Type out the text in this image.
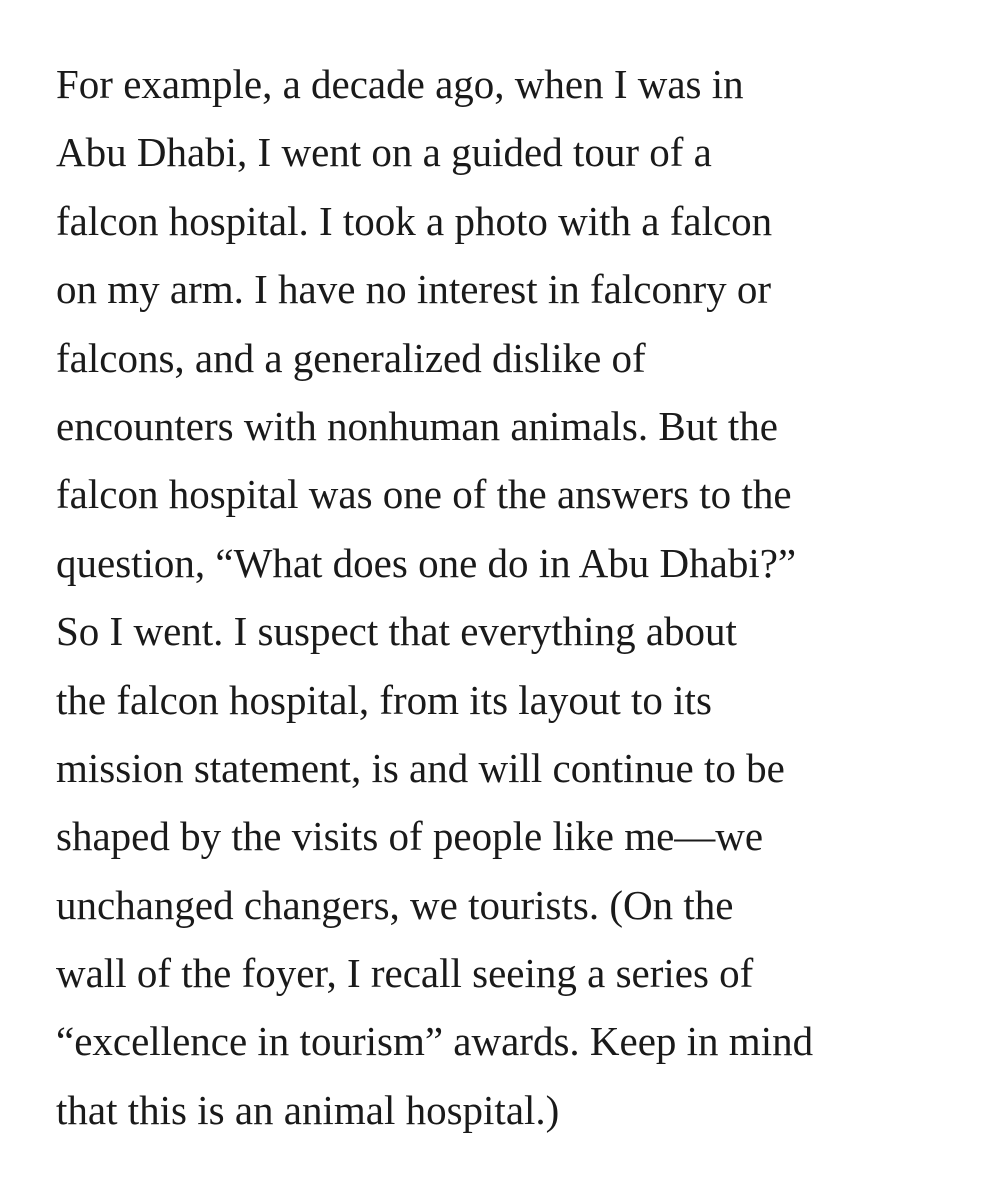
For example, a decade ago, when I was in
Abu Dhabi, I went on a guided tour of a
falcon hospital. I took a photo with a falcon
on my arm. I have no interest in falconry or
falcons, and a generalized dislike of
encounters with nonhuman animals. But the
falcon hospital was one of the answers to the
question, “What does one do in Abu Dhabi?”
So I went. I suspect that everything about
the falcon hospital, from its layout to its
mission statement, is and will continue to be
shaped by the visits of people like me—we
unchanged changers, we tourists. (On the
wall of the foyer, I recall seeing a series of
“excellence in tourism” awards. Keep in mind
that this is an animal hospital.)
